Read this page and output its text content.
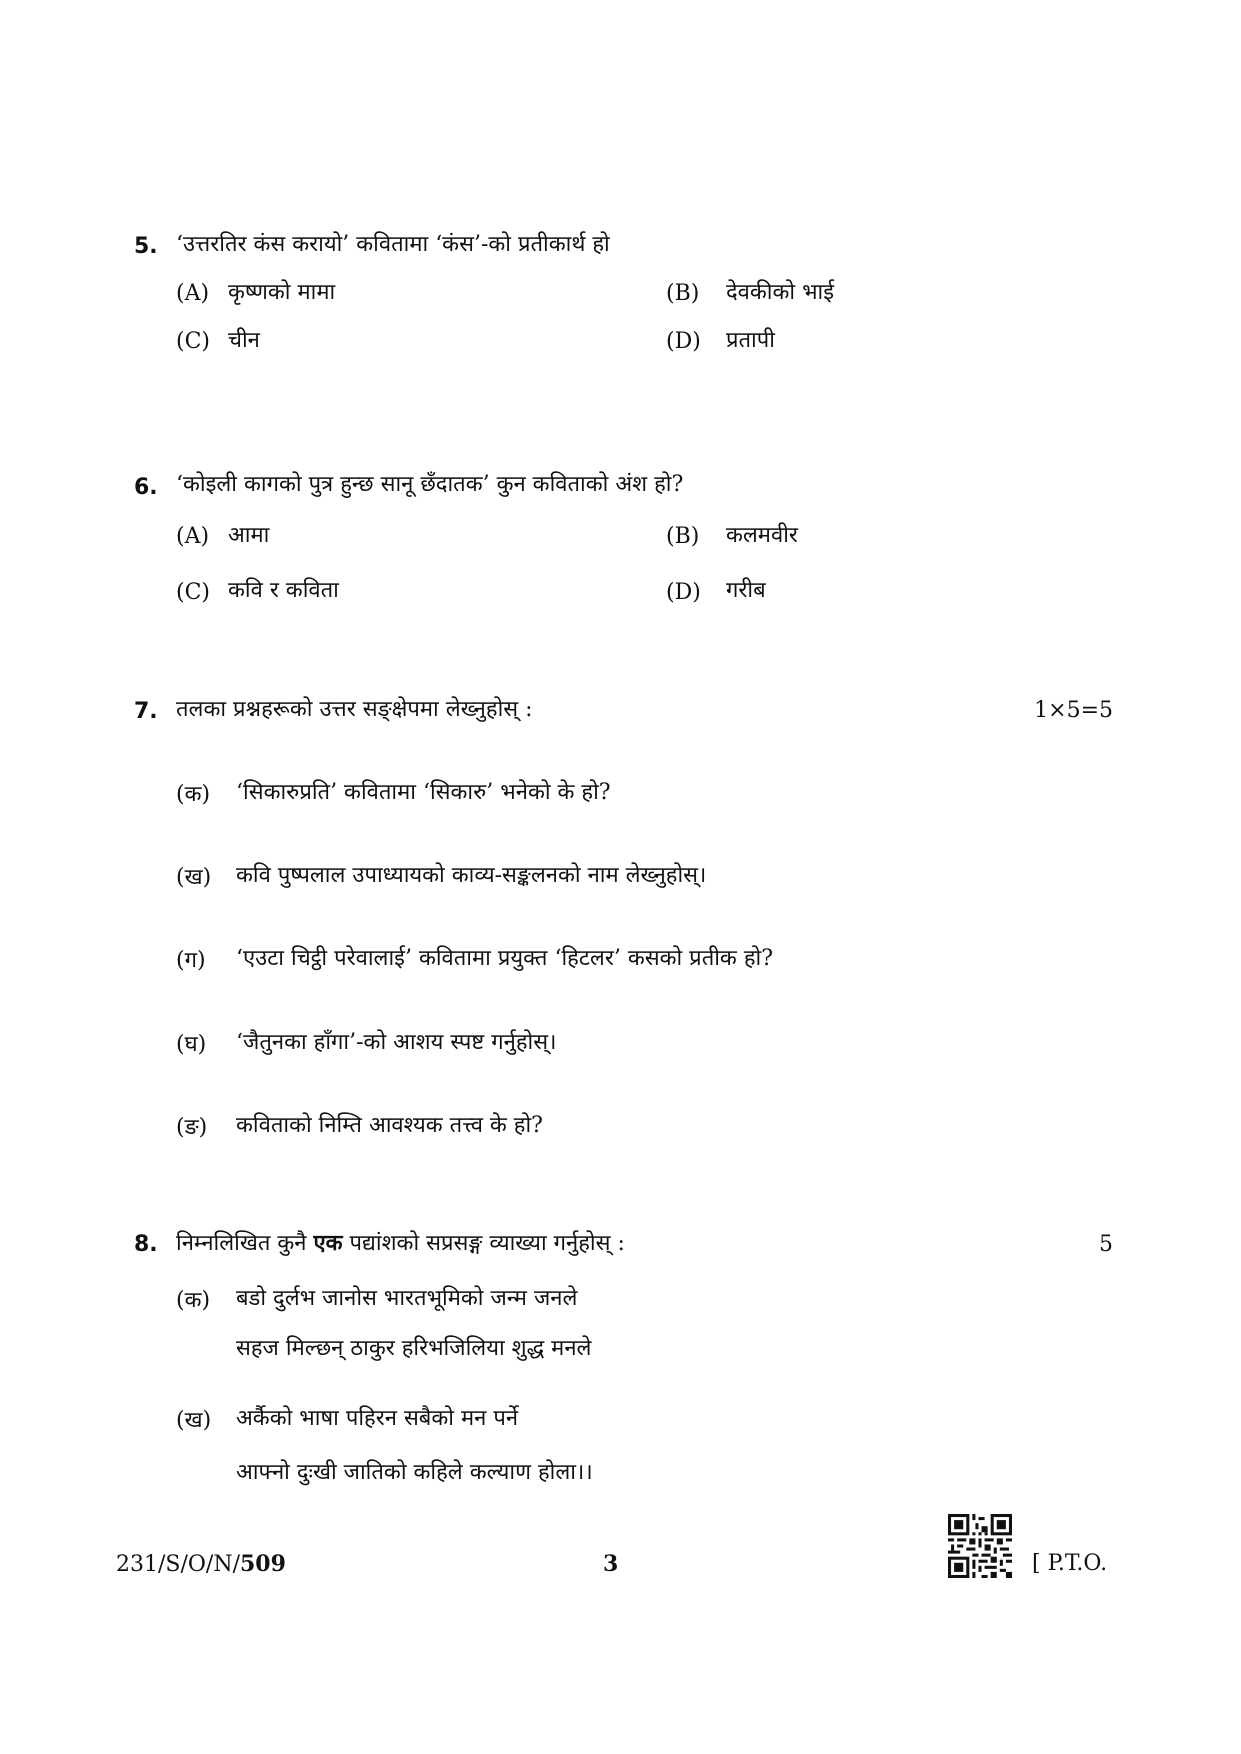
5. ‘उत्तरतिर कंस करायो’ कवितामा ‘कंस’-को प्रतीकार्थ हो
(A) कृष्णको मामा	(B) देवकीको भाई
(C) चीन	(D) प्रतापी
6. ‘कोइली कागको पुत्र हुन्छ सानू छँदातक’ कुन कविताको अंश हो?
(A) आमा	(B) कलमवीर
(C) कवि र कविता	(D) गरीब
7. तलका प्रश्नहरूको उत्तर सङ्क्षेपमा लेख्नुहोस् :	1×5=5
(क) ‘सिकारुप्रति’ कवितामा ‘सिकारु’ भनेको के हो?
(ख) कवि पुष्पलाल उपाध्यायको काव्य-सङ्कलनको नाम लेख्नुहोस्।
(ग) ‘एउटा चिट्ठी परेवालाई’ कवितामा प्रयुक्त ‘हिटलर’ कसको प्रतीक हो?
(घ) ‘जैतुनका हाँगा’-को आशय स्पष्ट गर्नुहोस्।
(ङ) कविताको निम्ति आवश्यक तत्त्व के हो?
8. निम्नलिखित कुनै एक पद्यांशको सप्रसङ्ग व्याख्या गर्नुहोस् :	5
(क) बडो दुर्लभ जानोस भारतभूमिको जन्म जनले
सहज मिल्छन् ठाकुर हरिभजिलिया शुद्ध मनले
(ख) अर्कैको भाषा पहिरन सबैको मन पर्ने
आफ्नो दुःखी जातिको कहिले कल्याण होला।।
231/S/O/N/509	3	[ P.T.O.
